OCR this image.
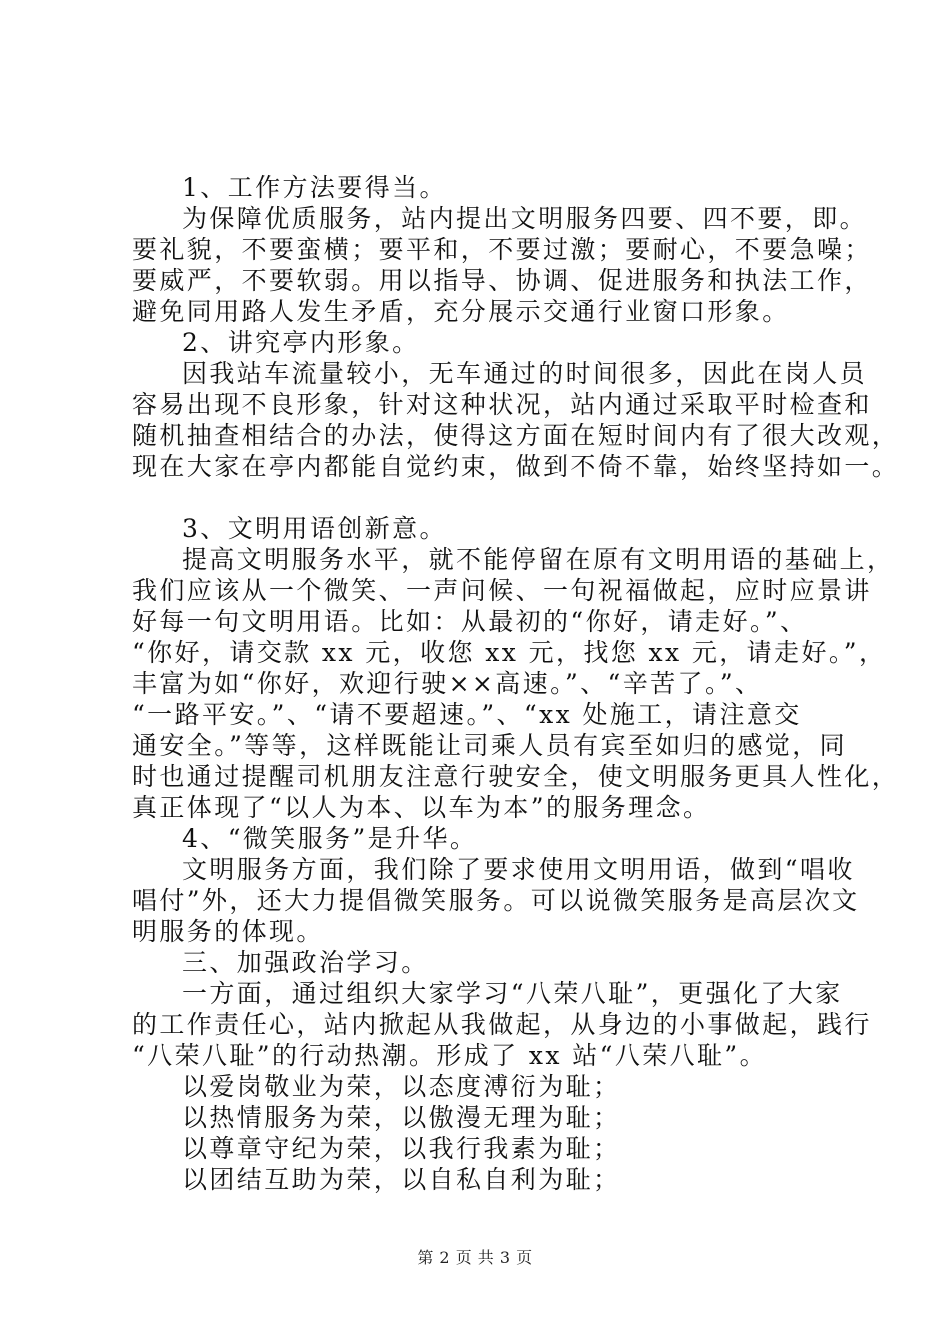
1、工作方法要得当。
为保障优质服务，站内提出文明服务四要、四不要，即。
要礼貌，不要蛮横；要平和，不要过激；要耐心，不要急噪；
要威严，不要软弱。用以指导、协调、促进服务和执法工作，
避免同用路人发生矛盾，充分展示交通行业窗口形象。
2、讲究亭内形象。
因我站车流量较小，无车通过的时间很多，因此在岗人员
容易出现不良形象，针对这种状况，站内通过采取平时检查和
随机抽查相结合的办法，使得这方面在短时间内有了很大改观，
现在大家在亭内都能自觉约束，做到不倚不靠，始终坚持如一。
3、文明用语创新意。
提高文明服务水平，就不能停留在原有文明用语的基础上，
我们应该从一个微笑、一声问候、一句祝福做起，应时应景讲
好每一句文明用语。比如：从最初的“你好，请走好。”、
“你好，请交款 xx 元，收您 xx 元，找您 xx 元，请走好。”，
丰富为如“你好，欢迎行驶××高速。”、“辛苦了。”、
“一路平安。”、“请不要超速。”、“xx 处施工，请注意交
通安全。”等等，这样既能让司乘人员有宾至如归的感觉，同
时也通过提醒司机朋友注意行驶安全，使文明服务更具人性化，
真正体现了“以人为本、以车为本”的服务理念。
4、“微笑服务”是升华。
文明服务方面，我们除了要求使用文明用语，做到“唱收
唱付”外，还大力提倡微笑服务。可以说微笑服务是高层次文
明服务的体现。
三、加强政治学习。
一方面，通过组织大家学习“八荣八耻”，更强化了大家
的工作责任心，站内掀起从我做起，从身边的小事做起，践行
“八荣八耻”的行动热潮。形成了 xx 站“八荣八耻”。
以爱岗敬业为荣，以态度溥衍为耻；
以热情服务为荣，以傲漫无理为耻；
以尊章守纪为荣，以我行我素为耻；
以团结互助为荣，以自私自利为耻；
第 2 页 共 3 页
